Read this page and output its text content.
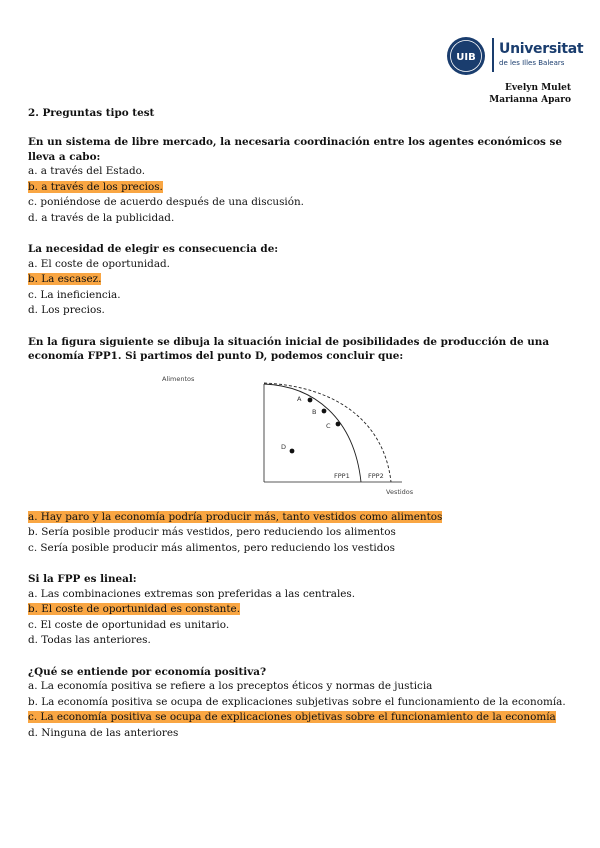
UIB
Universitat
de les Illes Balears
Evelyn Mulet
Marianna Aparo

2. Preguntas tipo test

En un sistema de libre mercado, la necesaria coordinación entre los agentes económicos se lleva a cabo:

a. a través del Estado.

b. a través de los precios.

c. poniéndose de acuerdo después de una discusión.

d. a través de la publicidad.

La necesidad de elegir es consecuencia de:

a. El coste de oportunidad.

b. La escasez.

c. La ineficiencia.

d. Los precios.

En la figura siguiente se dibuja la situación inicial de posibilidades de producción de una economía FPP1. Si partimos del punto D, podemos concluir que:

Alimentos
Vestidos
A
B
C
D
FPP1	FPP2

a. Hay paro y la economía podría producir más, tanto vestidos como alimentos

b. Sería posible producir más vestidos, pero reduciendo los alimentos

c. Sería posible producir más alimentos, pero reduciendo los vestidos

Si la FPP es lineal:

a. Las combinaciones extremas son preferidas a las centrales.

b. El coste de oportunidad es constante.

c. El coste de oportunidad es unitario.

d. Todas las anteriores.

¿Qué se entiende por economía positiva?

a. La economía positiva se refiere a los preceptos éticos y normas de justicia

b. La economía positiva se ocupa de explicaciones subjetivas sobre el funcionamiento de la economía.

c. La economía positiva se ocupa de explicaciones objetivas sobre el funcionamiento de la economía

d. Ninguna de las anteriores
